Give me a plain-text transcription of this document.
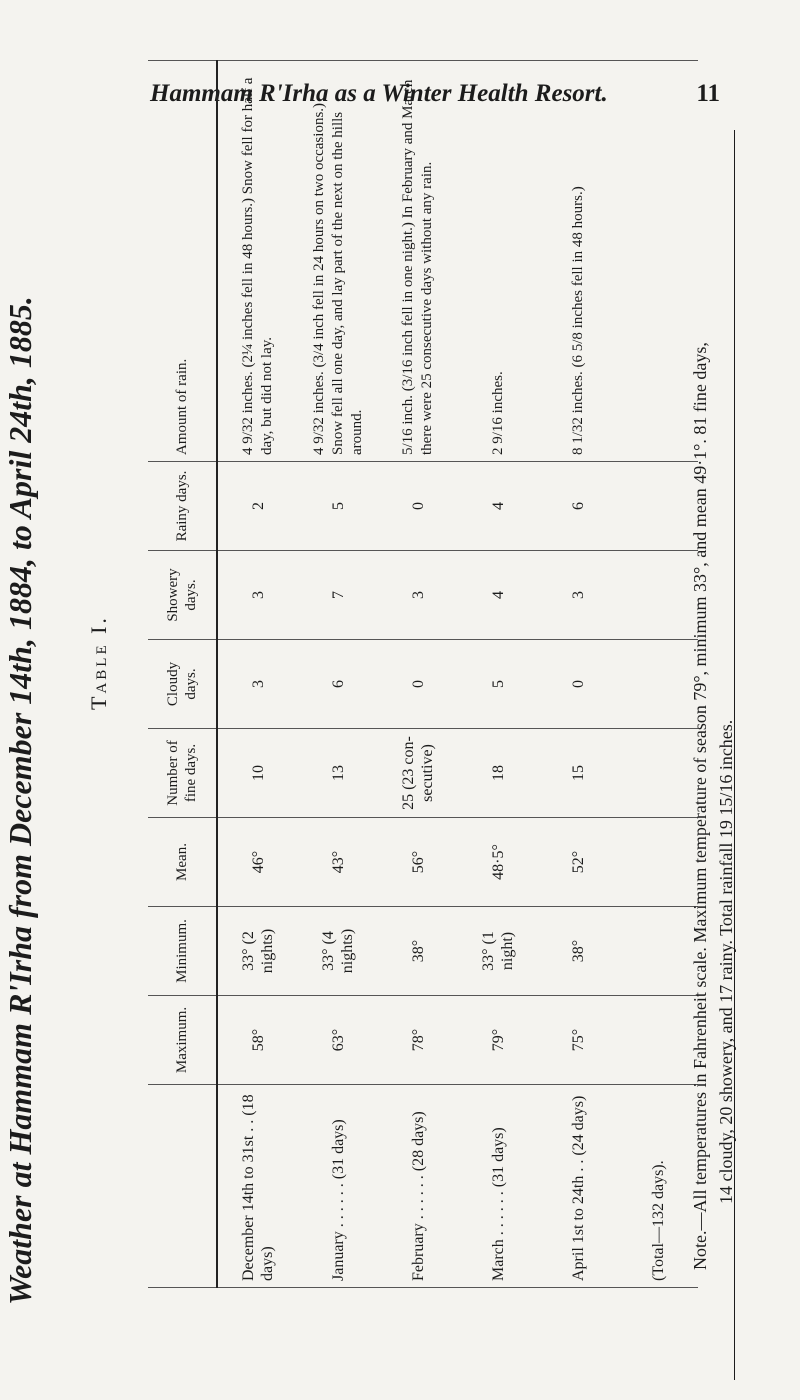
Hammam R'Irha as a Winter Health Resort.	11
Weather at Hammam R'Irha from December 14th, 1884, to April 24th, 1885. Table I.
	Maximum.	Minimum.	Mean.	Number of fine days.	Cloudy days.	Showery days.	Rainy days.	Amount of rain.
December 14th to 31st . . (18 days)	58°	33° (2 nights)	46°	10	3	3	2	4 9/32 inches. (2¼ inches fell in 48 hours.) Snow fell for half a day, but did not lay.

January . . . . . . (31 days)	63°	33° (4 nights)	43°	13	6	7	5	4 9/32 inches. (3/4 inch fell in 24 hours on two occasions.) Snow fell all one day, and lay part of the next on the hills around.

February . . . . . . (28 days)	78°	38°	56°	25 (23 con-secutive)	0	3	0	5/16 inch. (3/16 inch fell in one night.) In February and March there were 25 consecutive days without any rain.

March . . . . . . (31 days)	79°	33° (1 night)	48·5°	18	5	4	4	2 9/16 inches.

April 1st to 24th . . (24 days)	75°	38°	52°	15	0	3	6	8 1/32 inches. (6 5/8 inches fell in 48 hours.)

(Total—132 days).								Note.—All temperatures in Fahrenheit scale. Maximum temperature of season 79°, minimum 33°, and mean 49·1°. 81 fine days, 14 cloudy, 20 showery, and 17 rainy. Total rainfall 19 15/16 inches.
